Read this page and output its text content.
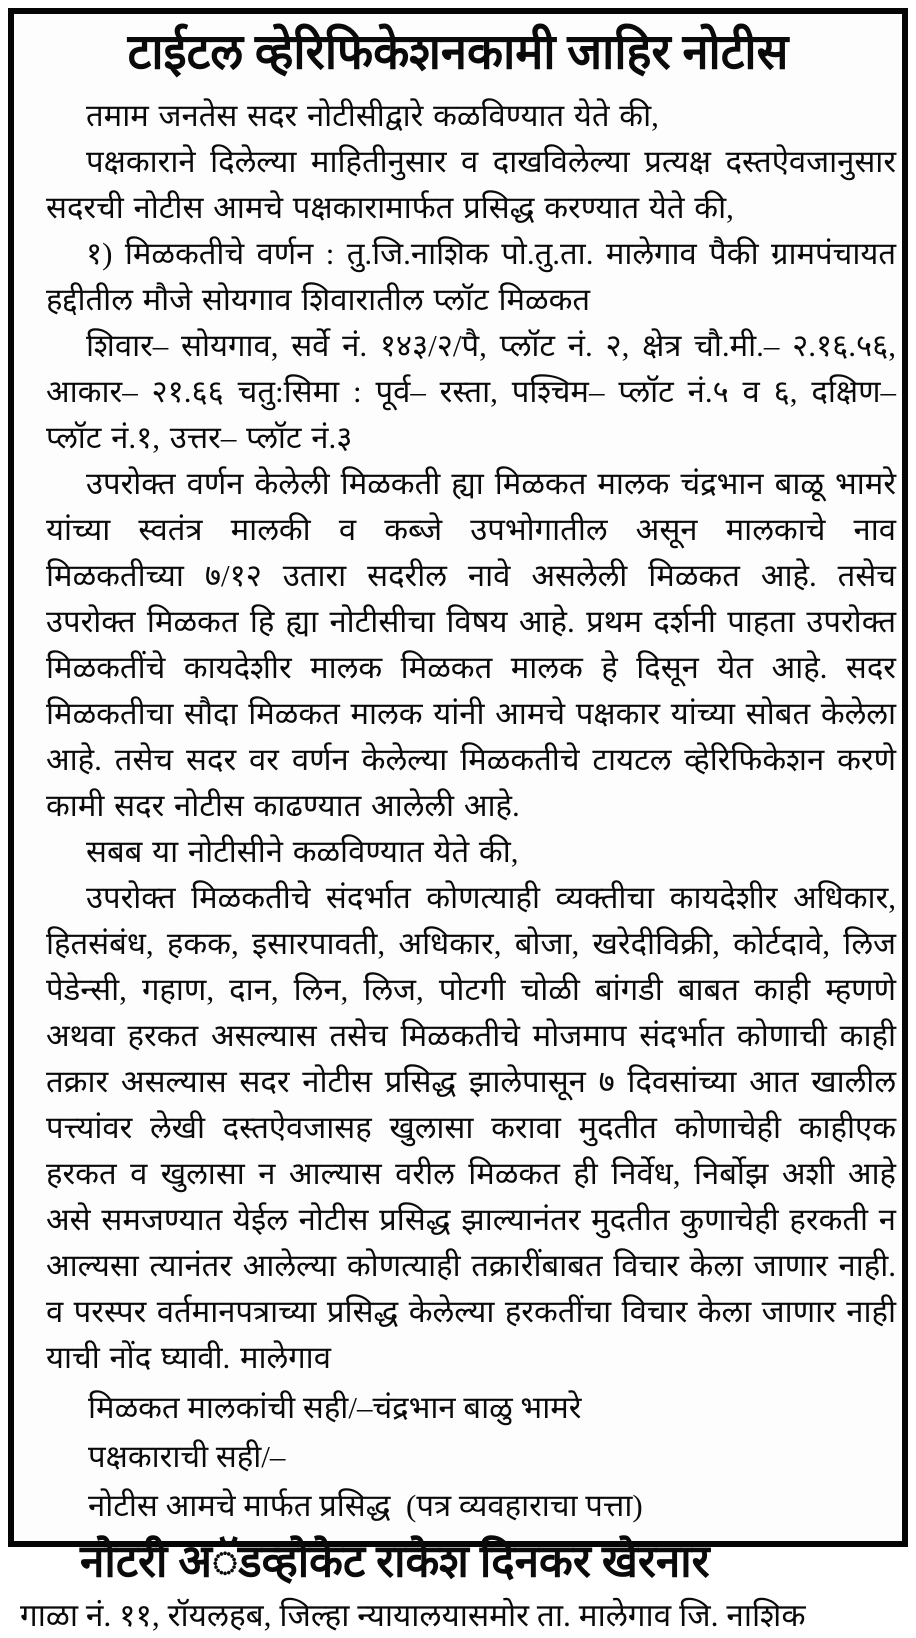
टाईटल व्हेरिफिकेशनकामी जाहिर नोटीस

तमाम जनतेस सदर नोटीसीद्वारे कळविण्यात येते की,

पक्षकाराने दिलेल्या माहितीनुसार व दाखविलेल्या प्रत्यक्ष दस्तऐवजानुसार सदरची नोटीस आमचे पक्षकारामार्फत प्रसिद्ध करण्यात येते की,

१) मिळकतीचे वर्णन : तु.जि.नाशिक पो.तु.ता. मालेगाव पैकी ग्रामपंचायत हद्दीतील मौजे सोयगाव शिवारातील प्लॉट मिळकत

शिवार– सोयगाव, सर्वे नं. १४३/२/पै, प्लॉट नं. २, क्षेत्र चौ.मी.– २.१६.५६, आकार– २१.६६ चतु:सिमा : पूर्व– रस्ता, पश्चिम– प्लॉट नं.५ व ६, दक्षिण– प्लॉट नं.१, उत्तर– प्लॉट नं.३

उपरोक्त वर्णन केलेली मिळकती ह्या मिळकत मालक चंद्रभान बाळू भामरे यांच्या स्वतंत्र मालकी व कब्जे उपभोगातील असून मालकाचे नाव मिळकतीच्या ७/१२ उतारा सदरील नावे असलेली मिळकत आहे. तसेच उपरोक्त मिळकत हि ह्या नोटीसीचा विषय आहे. प्रथम दर्शनी पाहता उपरोक्त मिळकतींचे कायदेशीर मालक मिळकत मालक हे दिसून येत आहे. सदर मिळकतीचा सौदा मिळकत मालक यांनी आमचे पक्षकार यांच्या सोबत केलेला आहे. तसेच सदर वर वर्णन केलेल्या मिळकतीचे टायटल व्हेरिफिकेशन करणे कामी सदर नोटीस काढण्यात आलेली आहे.

सबब या नोटीसीने कळविण्यात येते की,

उपरोक्त मिळकतीचे संदर्भात कोणत्याही व्यक्तीचा कायदेशीर अधिकार, हितसंबंध, हकक, इसारपावती, अधिकार, बोजा, खरेदीविक्री, कोर्टदावे, लिज पेडेन्सी, गहाण, दान, लिन, लिज, पोटगी चोळी बांगडी बाबत काही म्हणणे अथवा हरकत असल्यास तसेच मिळकतीचे मोजमाप संदर्भात कोणाची काही तक्रार असल्यास सदर नोटीस प्रसिद्ध झालेपासून ७ दिवसांच्या आत खालील पत्त्यांवर लेखी दस्तऐवजासह खुलासा करावा मुदतीत कोणाचेही काहीएक हरकत व खुलासा न आल्यास वरील मिळकत ही निर्वेध, निर्बोझ अशी आहे असे समजण्यात येईल नोटीस प्रसिद्ध झाल्यानंतर मुदतीत कुणाचेही हरकती न आल्यसा त्यानंतर आलेल्या कोणत्याही तक्रारींबाबत विचार केला जाणार नाही. व परस्पर वर्तमानपत्राच्या प्रसिद्ध केलेल्या हरकतींचा विचार केला जाणार नाही याची नोंद घ्यावी. मालेगाव

मिळकत मालकांची सही/–चंद्रभान बाळु भामरे

पक्षकाराची सही/–

नोटीस आमचे मार्फत प्रसिद्ध  (पत्र व्यवहाराचा पत्ता)

नोटरी अॅडव्होकेट राकेश दिनकर खैरनार
गाळा नं. ११, रॉयलहब, जिल्हा न्यायालयासमोर ता. मालेगाव जि. नाशिक
